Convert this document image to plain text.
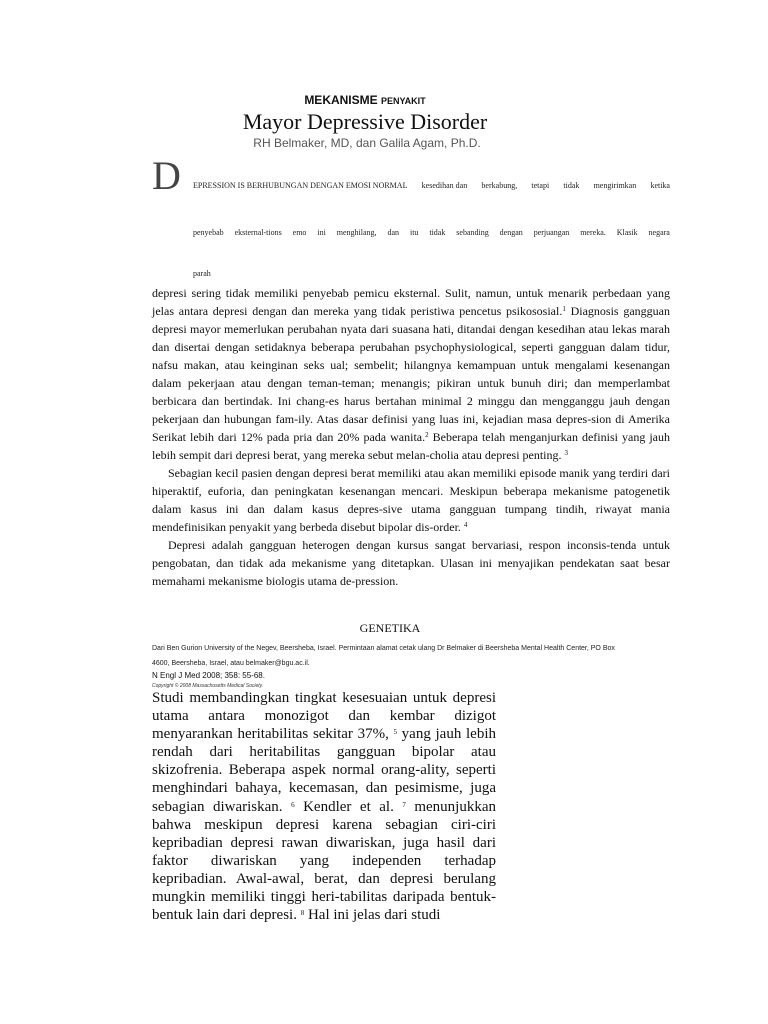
MEKANISME PENYAKIT
Mayor Depressive Disorder
RH Belmaker, MD, dan Galila Agam, Ph.D.
D EPRESSION IS BERHUBUNGAN DENGAN EMOSI NORMAL kesedihan dan berkabung, tetapi tidak mengirimkan ketika
penyebab eksternal-tions emo ini menghilang, dan itu tidak sebanding dengan perjuangan mereka. Klasik negara
parah

depresi sering tidak memiliki penyebab pemicu eksternal. Sulit, namun, untuk menarik perbedaan yang jelas antara depresi dengan dan mereka yang tidak peristiwa pencetus psikososial.$^1$ Diagnosis gangguan depresi mayor memerlukan perubahan nyata dari suasana hati, ditandai dengan kesedihan atau lekas marah dan disertai dengan setidaknya beberapa perubahan psychophysiological, seperti gangguan dalam tidur, nafsu makan, atau keinginan seks ual; sembelit; hilangnya kemampuan untuk mengalami kesenangan dalam pekerjaan atau dengan teman-teman; menangis; pikiran untuk bunuh diri; dan memperlambat berbicara dan bertindak. Ini chang-es harus bertahan minimal 2 minggu dan mengganggu jauh dengan pekerjaan dan hubungan fam-ily. Atas dasar definisi yang luas ini, kejadian masa depres-sion di Amerika Serikat lebih dari 12% pada pria dan 20% pada wanita.$^2$ Beberapa telah menganjurkan definisi yang jauh lebih sempit dari depresi berat, yang mereka sebut melan-cholia atau depresi penting. $^3$

Sebagian kecil pasien dengan depresi berat memiliki atau akan memiliki episode manik yang terdiri dari hiperaktif, euforia, dan peningkatan kesenangan mencari. Meskipun beberapa mekanisme patogenetik dalam kasus ini dan dalam kasus depres-sive utama gangguan tumpang tindih, riwayat mania mendefinisikan penyakit yang berbeda disebut bipolar dis-order. $^4$

Depresi adalah gangguan heterogen dengan kursus sangat bervariasi, respon inconsis-tenda untuk pengobatan, dan tidak ada mekanisme yang ditetapkan. Ulasan ini menyajikan pendekatan saat besar memahami mekanisme biologis utama de-pression.

GENETIKA
Dari Ben Gurion University of the Negev, Beersheba, Israel. Permintaan alamat cetak ulang Dr Belmaker di Beersheba Mental Health Center, PO Box
4600, Beersheba, Israel, atau belmaker@bgu.ac.il.
N Engl J Med 2008; 358: 55-68.
Copyright © 2008 Massachusetts Medical Society.

Studi membandingkan tingkat kesesuaian untuk depresi utama antara monozigot dan kembar dizigot menyarankan heritabilitas sekitar 37%, $^5$ yang jauh lebih rendah dari heritabilitas gangguan bipolar atau skizofrenia. Beberapa aspek normal orang-ality, seperti menghindari bahaya, kecemasan, dan pesimisme, juga sebagian diwariskan. $^6$ Kendler et al. $^7$ menunjukkan bahwa meskipun depresi karena sebagian ciri-ciri kepribadian depresi rawan diwariskan, juga hasil dari faktor diwariskan yang independen terhadap kepribadian. Awal-awal, berat, dan depresi berulang mungkin memiliki tinggi heri-tabilitas daripada bentuk-bentuk lain dari depresi. $^8$ Hal ini jelas dari studi
